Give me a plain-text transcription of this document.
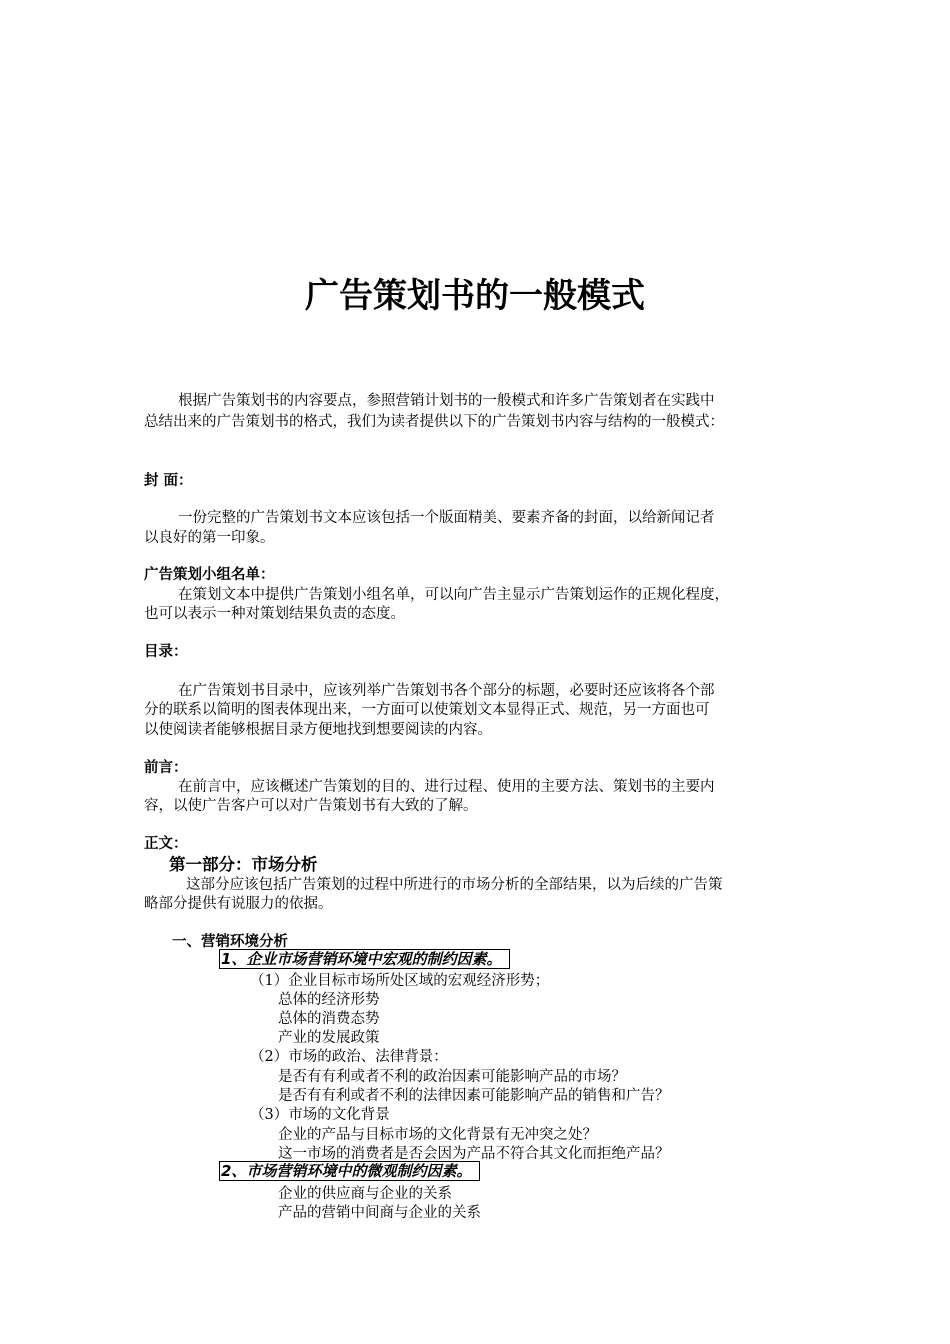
广告策划书的一般模式
根据广告策划书的内容要点，参照营销计划书的一般模式和许多广告策划者在实践中
总结出来的广告策划书的格式，我们为读者提供以下的广告策划书内容与结构的一般模式：
封 面：
一份完整的广告策划书文本应该包括一个版面精美、要素齐备的封面，以给新闻记者
以良好的第一印象。
广告策划小组名单：
在策划文本中提供广告策划小组名单，可以向广告主显示广告策划运作的正规化程度，
也可以表示一种对策划结果负责的态度。
目录：
在广告策划书目录中，应该列举广告策划书各个部分的标题，必要时还应该将各个部
分的联系以简明的图表体现出来，一方面可以使策划文本显得正式、规范，另一方面也可
以使阅读者能够根据目录方便地找到想要阅读的内容。
前言：
在前言中，应该概述广告策划的目的、进行过程、使用的主要方法、策划书的主要内
容，以使广告客户可以对广告策划书有大致的了解。
正文：
第一部分：市场分析
这部分应该包括广告策划的过程中所进行的市场分析的全部结果，以为后续的广告策
略部分提供有说服力的依据。
一、营销环境分析
1、企业市场营销环境中宏观的制约因素。
（1）企业目标市场所处区域的宏观经济形势；
总体的经济形势
总体的消费态势
产业的发展政策
（2）市场的政治、法律背景：
是否有有利或者不利的政治因素可能影响产品的市场？
是否有有利或者不利的法律因素可能影响产品的销售和广告？
（3）市场的文化背景
企业的产品与目标市场的文化背景有无冲突之处？
这一市场的消费者是否会因为产品不符合其文化而拒绝产品？
2、市场营销环境中的微观制约因素。
企业的供应商与企业的关系
产品的营销中间商与企业的关系
